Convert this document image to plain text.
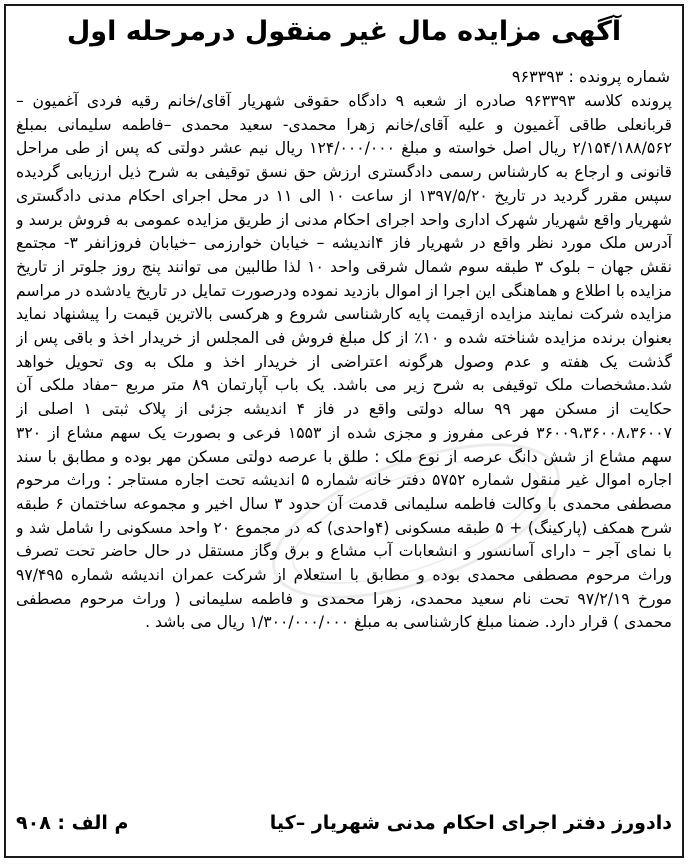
آگهی مزایده مال غیر منقول درمرحله اول
شماره پرونده : ۹۶۳۳۹۳
پرونده کلاسه ۹۶۳۳۹۳ صادره از شعبه ۹ دادگاه حقوقی شهریار آقای/خانم رقیه فردی آغمیون –قربانعلی طاقی آغمیون و علیه آقای/خانم زهرا محمدی- سعید محمدی –فاطمه سلیمانی بمبلغ ۲/۱۵۴/۱۸۸/۵۶۲ ریال اصل خواسته و مبلغ ۱۲۴/۰۰۰/۰۰۰ ریال نیم عشر دولتی که پس از طی مراحل قانونی و ارجاع به کارشناس رسمی دادگستری ارزش حق نسق توقیفی به شرح ذیل ارزیابی گردیده سپس مقرر گردید در تاریخ ۱۳۹۷/۵/۲۰ از ساعت ۱۰ الی ۱۱ در محل اجرای احکام مدنی دادگستری شهریار واقع شهریار شهرک اداری واحد اجرای احکام مدنی از طریق مزایده عمومی به فروش برسد و آدرس ملک مورد نظر واقع در شهریار فاز ۴اندیشه – خیابان خوارزمی –خیابان فروزانفر ۳- مجتمع نقش جهان – بلوک ۳ طبقه سوم شمال شرقی واحد ۱۰ لذا طالبین می توانند پنج روز جلوتر از تاریخ مزایده با اطلاع و هماهنگی این اجرا از اموال بازدید نموده ودرصورت تمایل در تاریخ یادشده در مراسم مزایده شرکت نمایند مزایده ازقیمت پایه کارشناسی شروع و هرکسی بالاترین قیمت را پیشنهاد نماید بعنوان برنده مزایده شناخته شده و ۱۰٪ از کل مبلغ فروش فی المجلس از خریدار اخذ و باقی پس از گذشت یک هفته و عدم وصول هرگونه اعتراضی از خریدار اخذ و ملک به وی تحویل خواهد شد.مشخصات ملک توقیفی به شرح زیر می باشد. یک باب آپارتمان ۸۹ متر مربع –مفاد ملکی آن حکایت از مسکن مهر ۹۹ ساله دولتی واقع در فاز ۴ اندیشه جزئی از پلاک ثبتی ۱ اصلی از ۳۶۰۰۹،۳۶۰۰۸،۳۶۰۰۷ فرعی مفروز و مجزی شده از ۱۵۵۳ فرعی و بصورت یک سهم مشاع از ۳۲۰ سهم مشاع از شش دانگ عرصه از نوع ملک : طلق با عرصه دولتی مسکن مهر بوده و مطابق با سند اجاره اموال غیر منقول شماره ۵۷۵۲ دفتر خانه شماره ۵ اندیشه تحت اجاره مستاجر : وراث مرحوم مصطفی محمدی با وکالت فاطمه سلیمانی قدمت آن حدود ۳ سال اخیر و مجموعه ساختمان ۶ طبقه شرح همکف (پارکینگ) + ۵ طبقه مسکونی (۴واحدی) که در مجموع ۲۰ واحد مسکونی را شامل شد و با نمای آجر – دارای آسانسور و انشعابات آب مشاع و برق وگاز مستقل در حال حاضر تحت تصرف وراث مرحوم مصطفی محمدی بوده و مطابق با استعلام از شرکت عمران اندیشه شماره ۹۷/۴۹۵ مورخ ۹۷/۲/۱۹ تحت نام سعید محمدی، زهرا محمدی و فاطمه سلیمانی ( وراث مرحوم مصطفی محمدی ) قرار دارد. ضمنا مبلغ کارشناسی به مبلغ ۱/۳۰۰/۰۰۰/۰۰۰ ریال می باشد .
دادورز دفتر اجرای احکام مدنی شهریار –کیا
م الف : ۹۰۸
